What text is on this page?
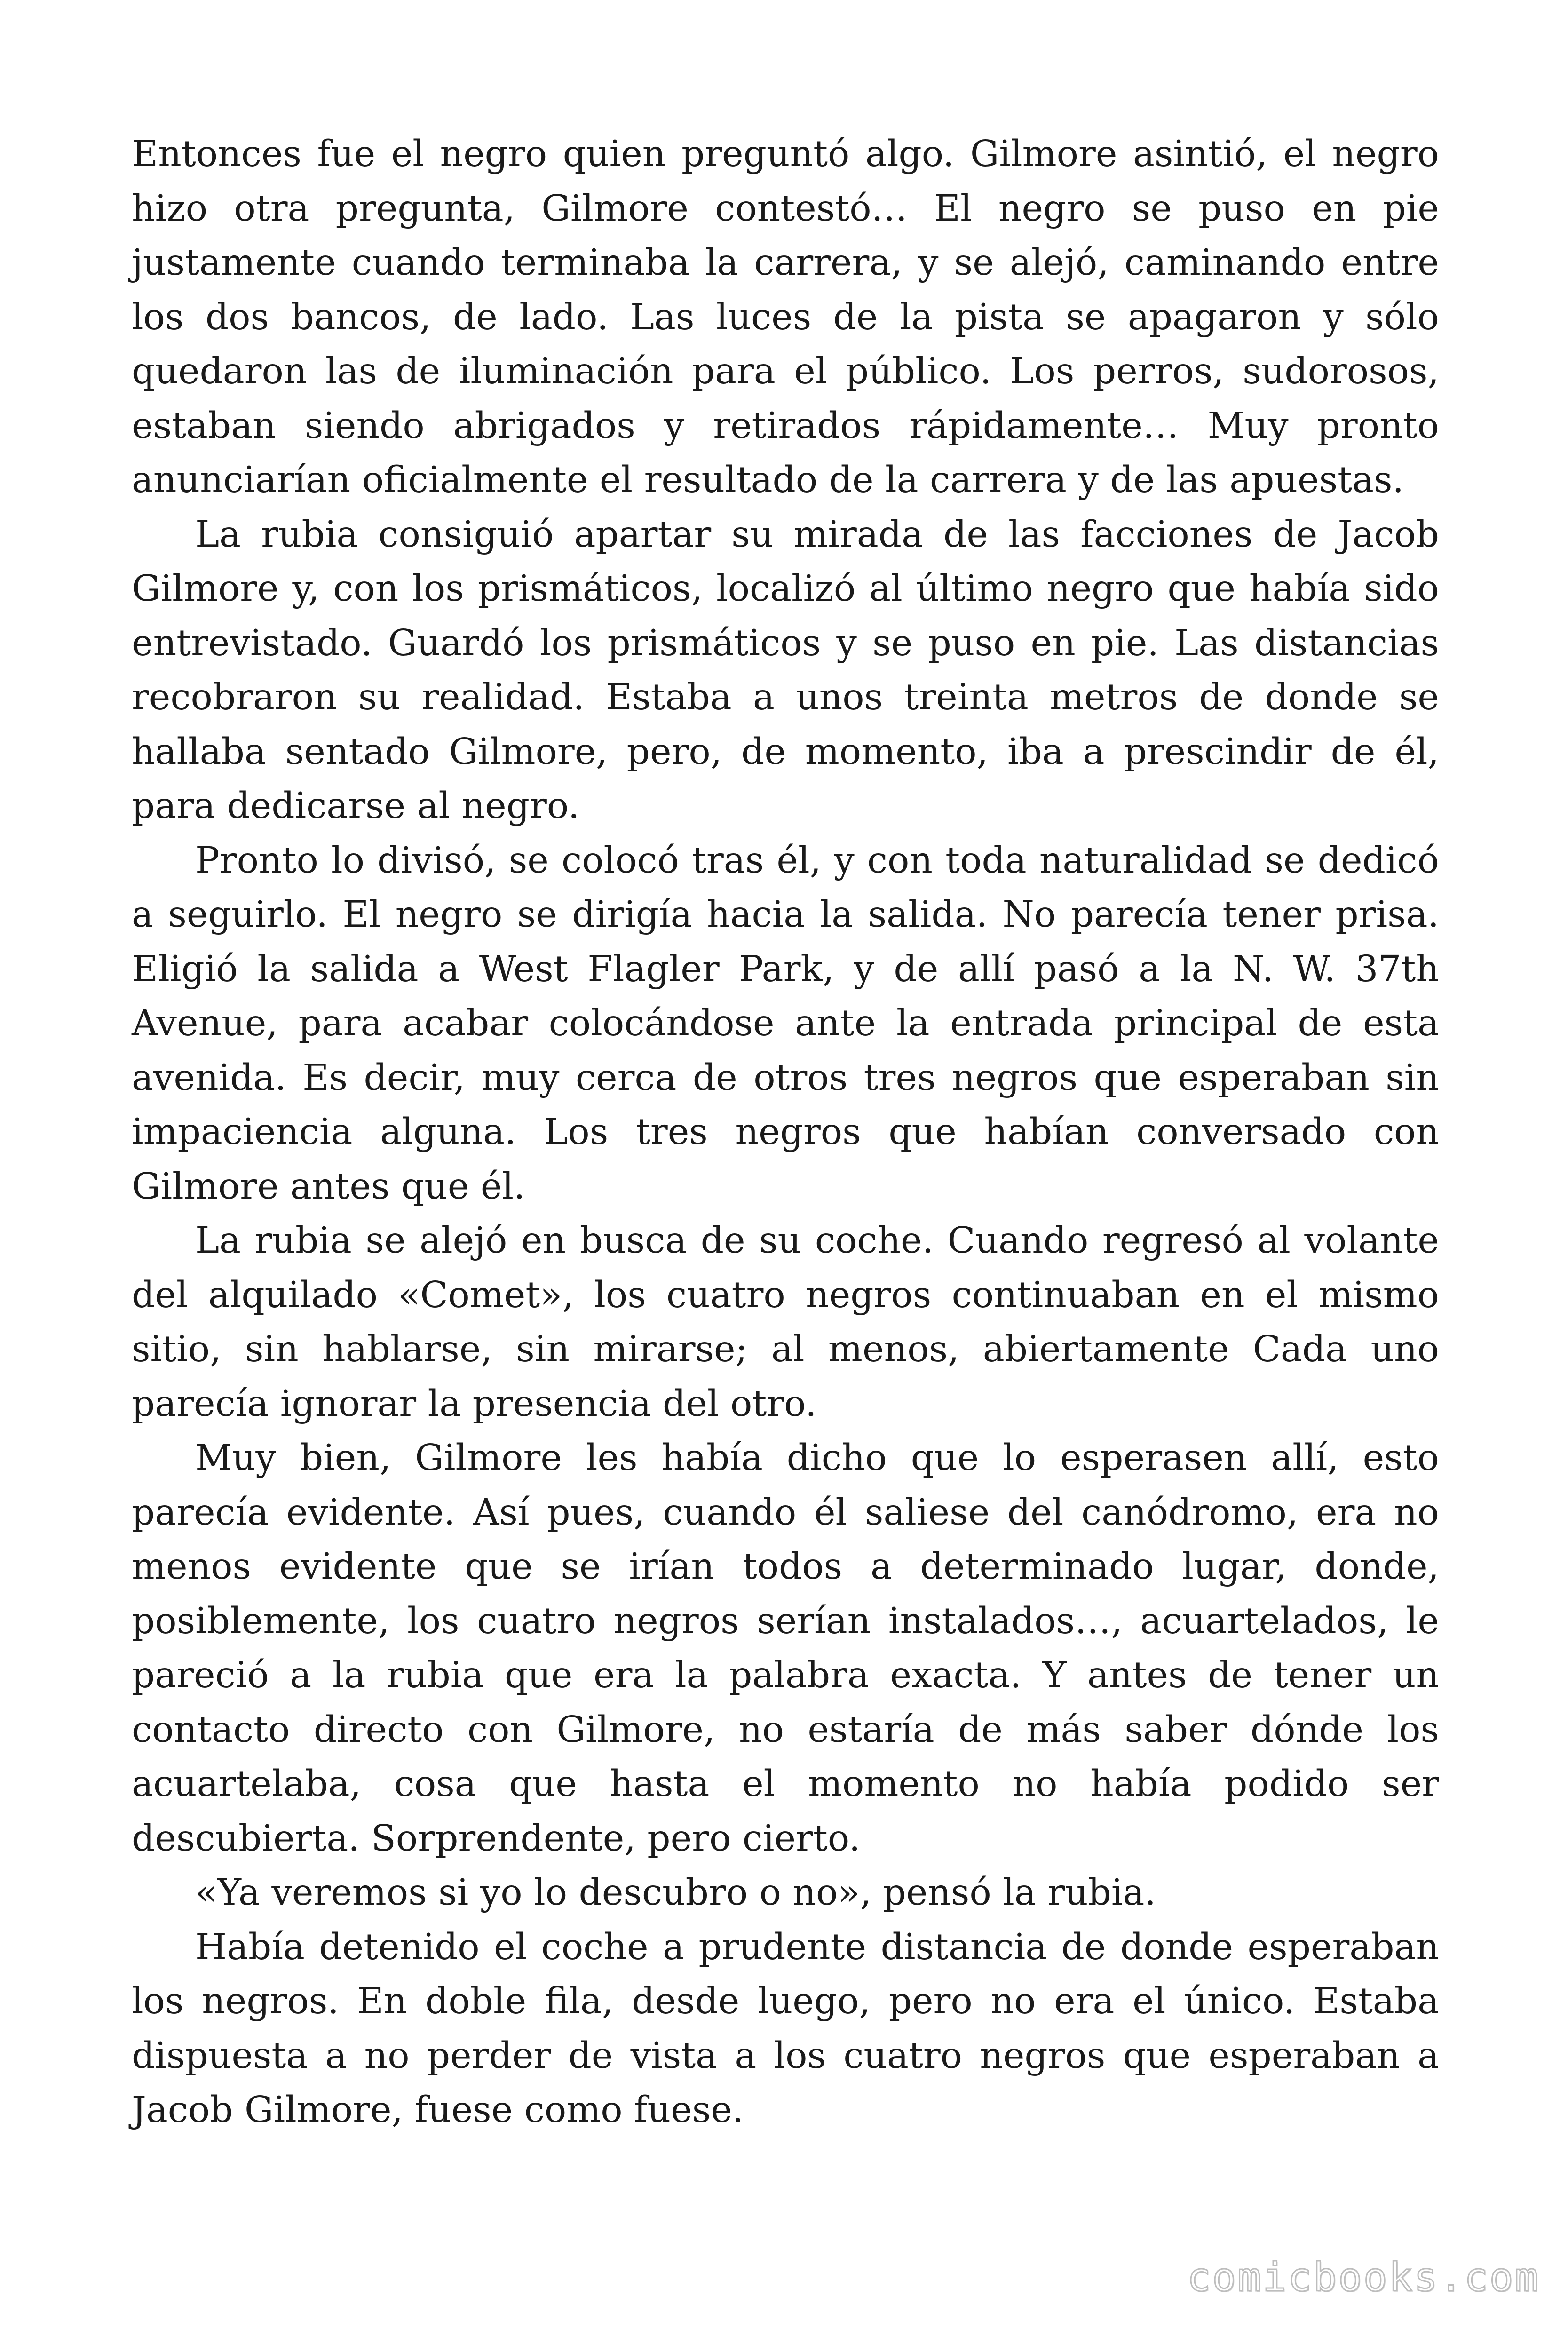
Entonces fue el negro quien preguntó algo. Gilmore asintió, el negro hizo otra pregunta, Gilmore contestó… El negro se puso en pie justamente cuando terminaba la carrera, y se alejó, caminando entre los dos bancos, de lado. Las luces de la pista se apagaron y sólo quedaron las de iluminación para el público. Los perros, sudorosos, estaban siendo abrigados y retirados rápidamente… Muy pronto anunciarían oficialmente el resultado de la carrera y de las apuestas.

La rubia consiguió apartar su mirada de las facciones de Jacob Gilmore y, con los prismáticos, localizó al último negro que había sido entrevistado. Guardó los prismáticos y se puso en pie. Las distancias recobraron su realidad. Estaba a unos treinta metros de donde se hallaba sentado Gilmore, pero, de momento, iba a prescindir de él, para dedicarse al negro.

Pronto lo divisó, se colocó tras él, y con toda naturalidad se dedicó a seguirlo. El negro se dirigía hacia la salida. No parecía tener prisa. Eligió la salida a West Flagler Park, y de allí pasó a la N. W. 37th Avenue, para acabar colocándose ante la entrada principal de esta avenida. Es decir, muy cerca de otros tres negros que esperaban sin impaciencia alguna. Los tres negros que habían conversado con Gilmore antes que él.

La rubia se alejó en busca de su coche. Cuando regresó al volante del alquilado «Comet», los cuatro negros continuaban en el mismo sitio, sin hablarse, sin mirarse; al menos, abiertamente Cada uno parecía ignorar la presencia del otro.

Muy bien, Gilmore les había dicho que lo esperasen allí, esto parecía evidente. Así pues, cuando él saliese del canódromo, era no menos evidente que se irían todos a determinado lugar, donde, posiblemente, los cuatro negros serían instalados…, acuartelados, le pareció a la rubia que era la palabra exacta. Y antes de tener un contacto directo con Gilmore, no estaría de más saber dónde los acuartelaba, cosa que hasta el momento no había podido ser descubierta. Sorprendente, pero cierto.

«Ya veremos si yo lo descubro o no», pensó la rubia.

Había detenido el coche a prudente distancia de donde esperaban los negros. En doble fila, desde luego, pero no era el único. Estaba dispuesta a no perder de vista a los cuatro negros que esperaban a Jacob Gilmore, fuese como fuese.

comicbooks.com
